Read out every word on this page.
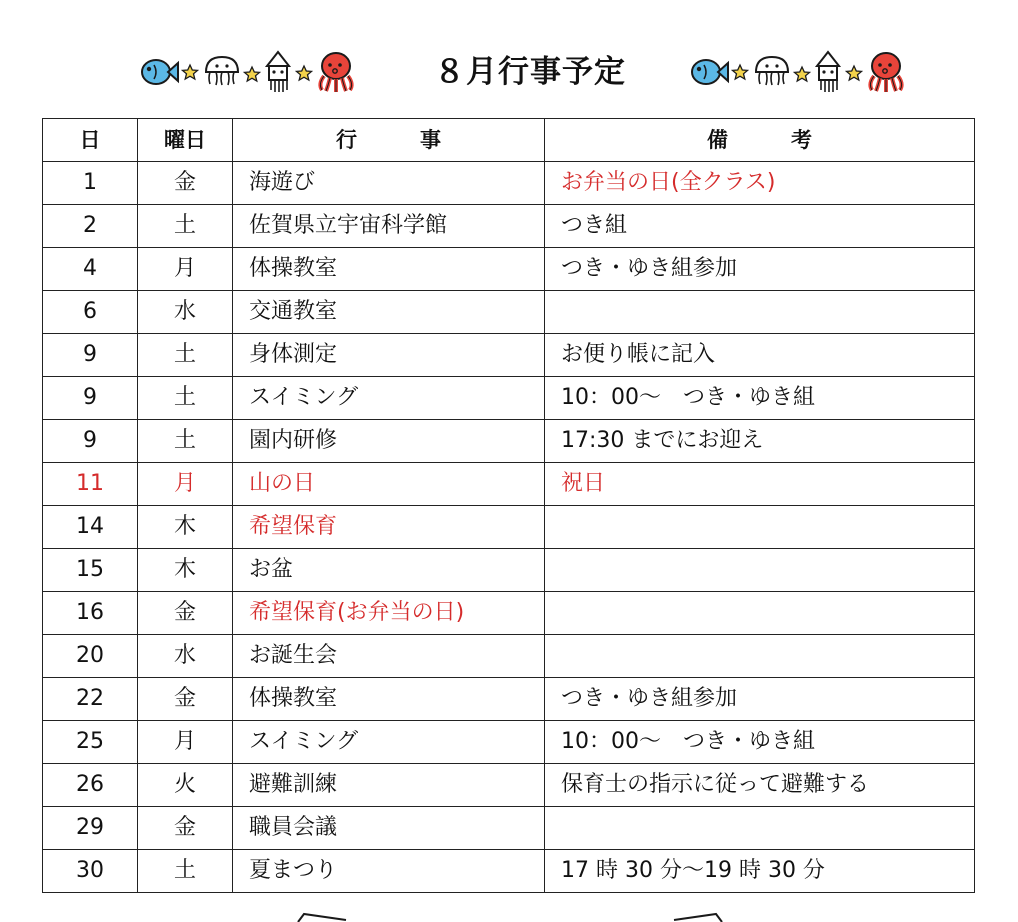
８月行事予定
日	曜日	行　　　事	備　　　考
1	金	海遊び	お弁当の日(全クラス)
2	土	佐賀県立宇宙科学館	つき組
4	月	体操教室	つき・ゆき組参加
6	水	交通教室	
9	土	身体測定	お便り帳に記入
9	土	スイミング	10：00～　つき・ゆき組
9	土	園内研修	17:30 までにお迎え
11	月	山の日	祝日
14	木	希望保育	
15	木	お盆	
16	金	希望保育(お弁当の日)	
20	水	お誕生会	
22	金	体操教室	つき・ゆき組参加
25	月	スイミング	10：00～　つき・ゆき組
26	火	避難訓練	保育士の指示に従って避難する
29	金	職員会議	
30	土	夏まつり	17 時 30 分～19 時 30 分
